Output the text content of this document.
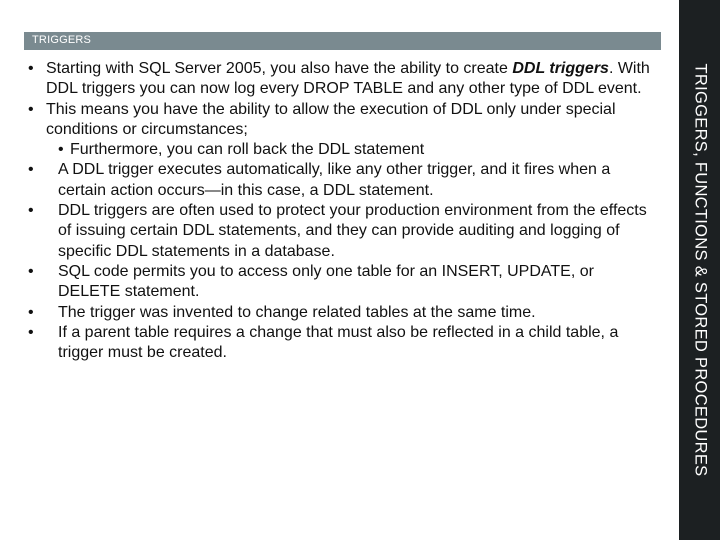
TRIGGERS
TRIGGERS, FUNCTIONS & STORED PROCEDURES
• Starting with SQL Server 2005, you also have the ability to create DDL triggers. With DDL triggers you can now log every DROP TABLE and any other type of DDL event.
• This means you have the ability to allow the execution of DDL only under special conditions or circumstances;
• Furthermore, you can roll back the DDL statement
• A DDL trigger executes automatically, like any other trigger, and it fires when a certain action occurs—in this case, a DDL statement.
• DDL triggers are often used to protect your production environment from the effects of issuing certain DDL statements, and they can provide auditing and logging of specific DDL statements in a database.
• SQL code permits you to access only one table for an INSERT, UPDATE, or DELETE statement.
• The trigger was invented to change related tables at the same time.
• If a parent table requires a change that must also be reflected in a child table, a trigger must be created.
